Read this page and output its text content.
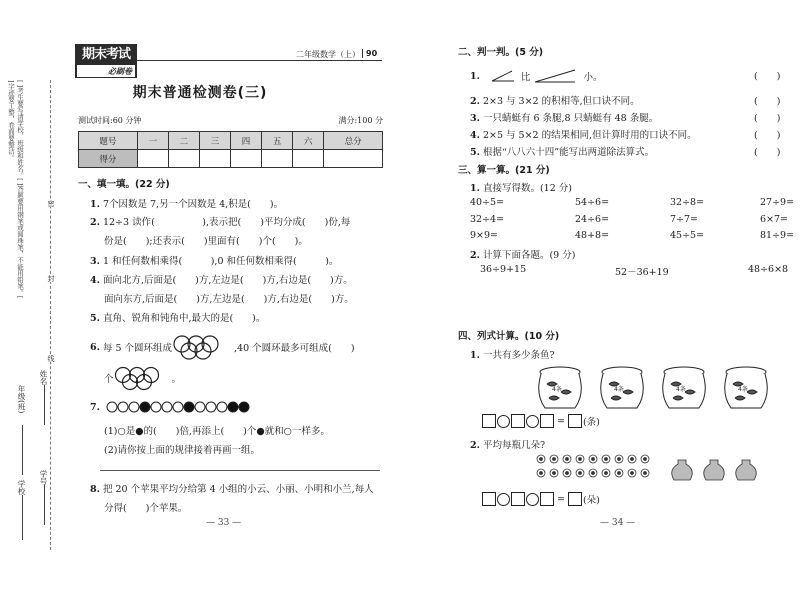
[ ]考生要写清学校、班级和姓名。[ ]答题要用钢笔或圆珠笔，不能用铅笔。[ ]字迹要工整，卷面要整洁。
密
封
线
学校
年级(班)
姓名
学号
期末考试
必刷卷
二年级数学（上） 90
期末普通检测卷(三)
测试时间:60 分钟	满分:100 分
题号	一	二	三	四	五	六	总分
得分							
一、填一填。(22 分)
1. 7个因数是 7,另一个因数是 4,积是(　　)。
2. 12÷3 读作(　　　　　),表示把(　　)平均分成(　　)份,每
份是(　　);还表示(　　)里面有(　　)个(　　)。
3. 1 和任何数相乘得(　　　),0 和任何数相乘得(　　　)。
4. 面向北方,后面是(　　)方,左边是(　　)方,右边是(　　)方。
面向东方,后面是(　　)方,左边是(　　)方,右边是(　　)方。
5. 直角、锐角和钝角中,最大的是(　　)。
6. 每 5 个圆环组成	,40 个圆环最多可组成(　　)
个	。
7.
(1)○是●的(　　)倍,再添上(　　)个●就和○一样多。
(2)请你按上面的规律接着再画一组。
8. 把 20 个苹果平均分给第 4 小组的小云、小丽、小明和小兰,每人
分得(　　)个苹果。
— 33 —
二、判一判。(5 分)
1.	比	小。	(　　)
2. 2×3 与 3×2 的积相等,但口诀不同。	(　　)
3. 一只蜻蜓有 6 条腿,8 只蜻蜓有 48 条腿。	(　　)
4. 2×5 与 5×2 的结果相同,但计算时用的口诀不同。	(　　)
5. 根据“八八六十四”能写出两道除法算式。	(　　)
三、算一算。(21 分)
1. 直接写得数。(12 分)
40÷5=	54÷6=	32÷8=	27÷9=
32÷4=	24÷6=	7÷7=	6×7=
9×9=	48+8=	45÷5=	81÷9=
2. 计算下面各题。(9 分)
36÷9+15	52－36+19	48÷6×8
四、列式计算。(10 分)
1. 一共有多少条鱼?
4条	4条	4条	4条
= (条)
2. 平均每瓶几朵?
= (朵)
— 34 —
